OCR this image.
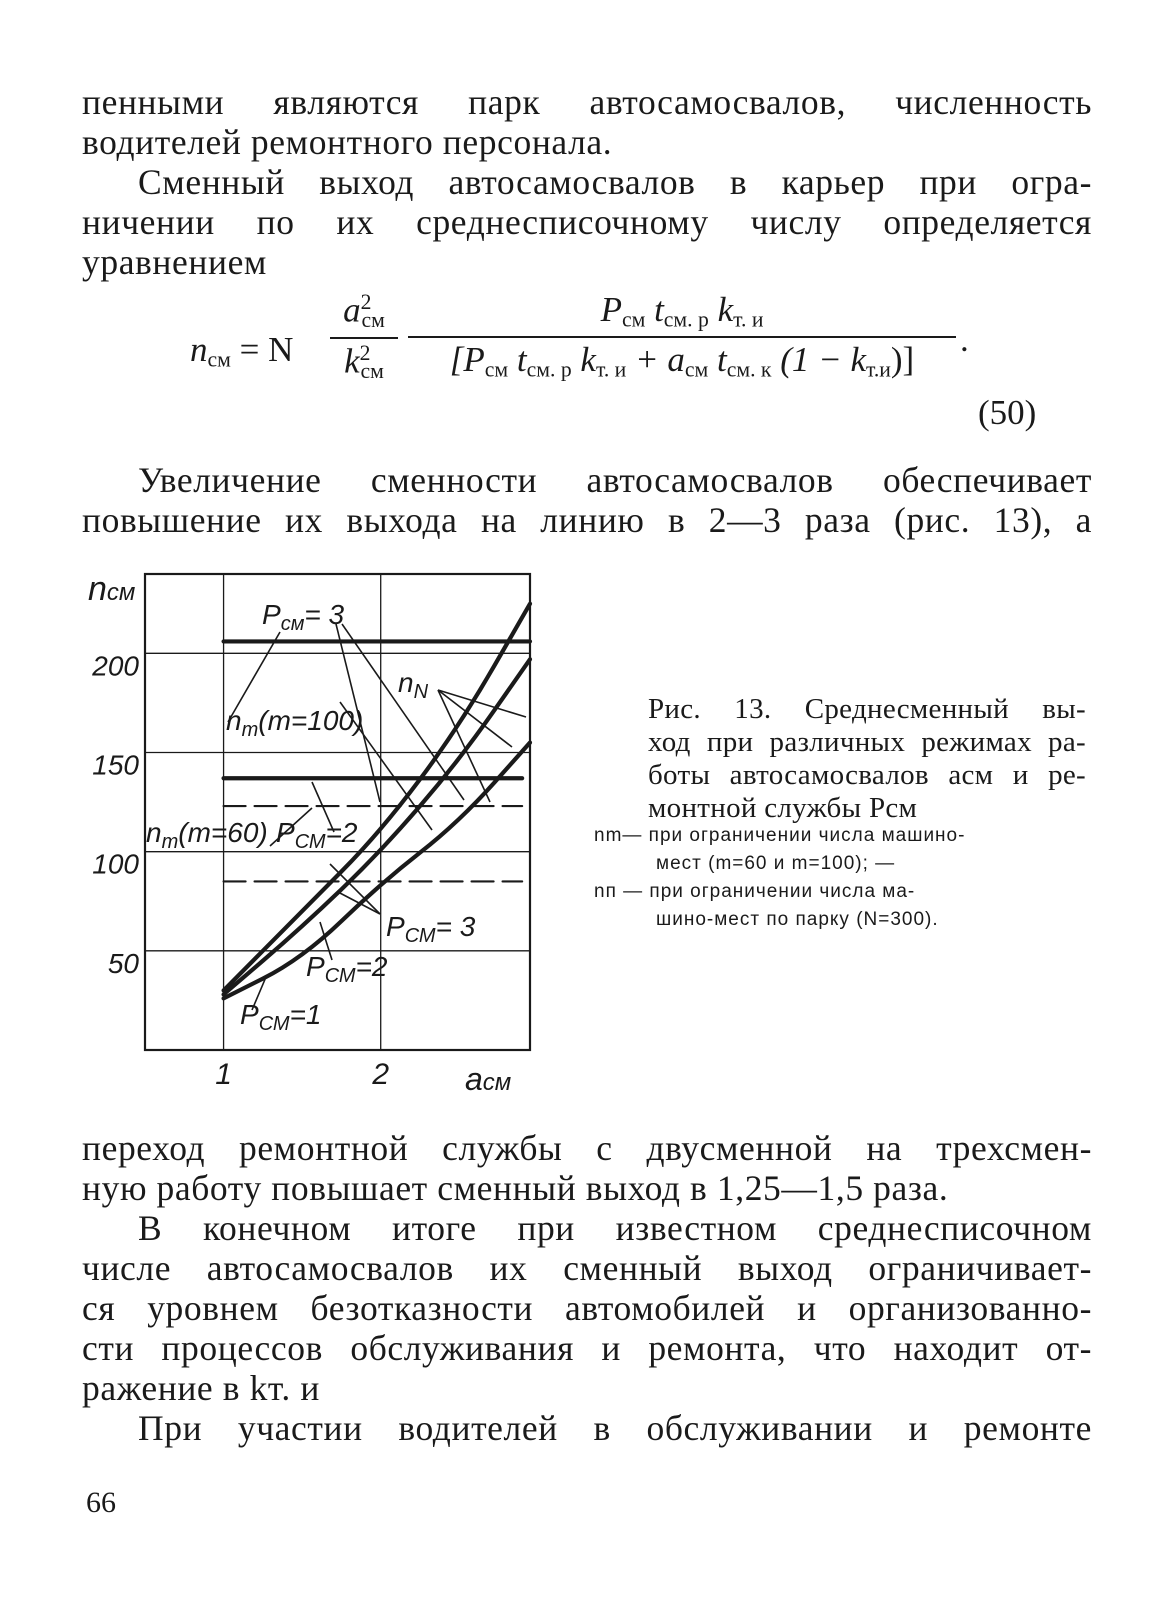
пенными являются парк автосамосвалов, численность
водителей ремонтного персонала.
Сменный выход автосамосвалов в карьер при огра-
ничении по их среднесписочному числу определяется
уравнением
$n_{см} = N$
$a^2_{см}$
$k^2_{см}$
$P_{см}$ $t_{см. р}$ $k_{т. и}$
[$P_{см}$ $t_{см. р}$ $k_{т. и} + a_{см}$ $t_{см. к}$ $(1 - k_{т.и})$]
.
(50)
Увеличение сменности автосамосвалов обеспечивает
повышение их выхода на линию в 2—3 раза (рис. 13), а
50
100
150
200
1	2
nсм
aсм
$P_{см}= 3$
$n_m(m=100)$
$n_N$
$n_m(m=60)$ $P_{СМ}=2$
$P_{СМ}= 3$
$P_{СМ}=2$
$P_{СМ}=1$
Рис. 13. Среднесменный вы-
ход при различных режимах ра-
боты автосамосвалов aсм и ре-
монтной службы Pсм
nm— при ограничении числа машино-
мест (m=60 и m=100); —
nп — при ограничении числа ма-
шино-мест по парку (N=300).
переход ремонтной службы с двусменной на трехсмен-
ную работу повышает сменный выход в 1,25—1,5 раза.
В конечном итоге при известном среднесписочном
числе автосамосвалов их сменный выход ограничивает-
ся уровнем безотказности автомобилей и организованно-
сти процессов обслуживания и ремонта, что находит от-
ражение в kт. и
При участии водителей в обслуживании и ремонте
66
